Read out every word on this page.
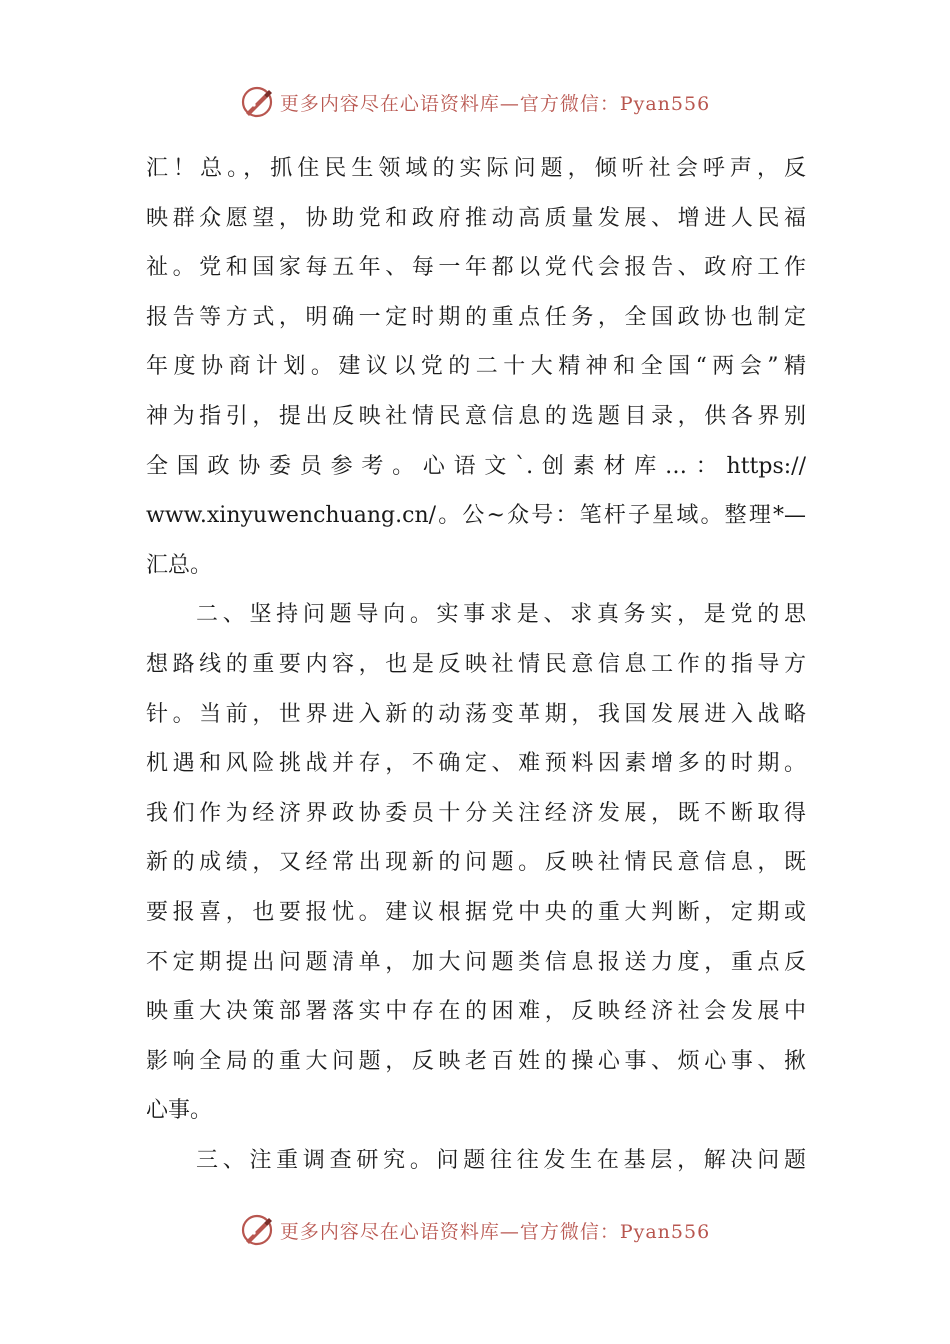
更多内容尽在心语资料库—官方微信：Pyan556
汇！总。，抓住民生领域的实际问题，倾听社会呼声，反
映群众愿望，协助党和政府推动高质量发展、增进人民福
祉。党和国家每五年、每一年都以党代会报告、政府工作
报告等方式，明确一定时期的重点任务，全国政协也制定
年度协商计划。建议以党的二十大精神和全国“两会”精
神为指引，提出反映社情民意信息的选题目录，供各界别
全国政协委员参考。心语文`.创素材库…：https://
www.xinyuwenchuang.cn/。公~众号：笔杆子星域。整理*—
汇总。
二、坚持问题导向。实事求是、求真务实，是党的思
想路线的重要内容，也是反映社情民意信息工作的指导方
针。当前，世界进入新的动荡变革期，我国发展进入战略
机遇和风险挑战并存，不确定、难预料因素增多的时期。
我们作为经济界政协委员十分关注经济发展，既不断取得
新的成绩，又经常出现新的问题。反映社情民意信息，既
要报喜，也要报忧。建议根据党中央的重大判断，定期或
不定期提出问题清单，加大问题类信息报送力度，重点反
映重大决策部署落实中存在的困难，反映经济社会发展中
影响全局的重大问题，反映老百姓的操心事、烦心事、揪
心事。
三、注重调查研究。问题往往发生在基层，解决问题
更多内容尽在心语资料库—官方微信：Pyan556
